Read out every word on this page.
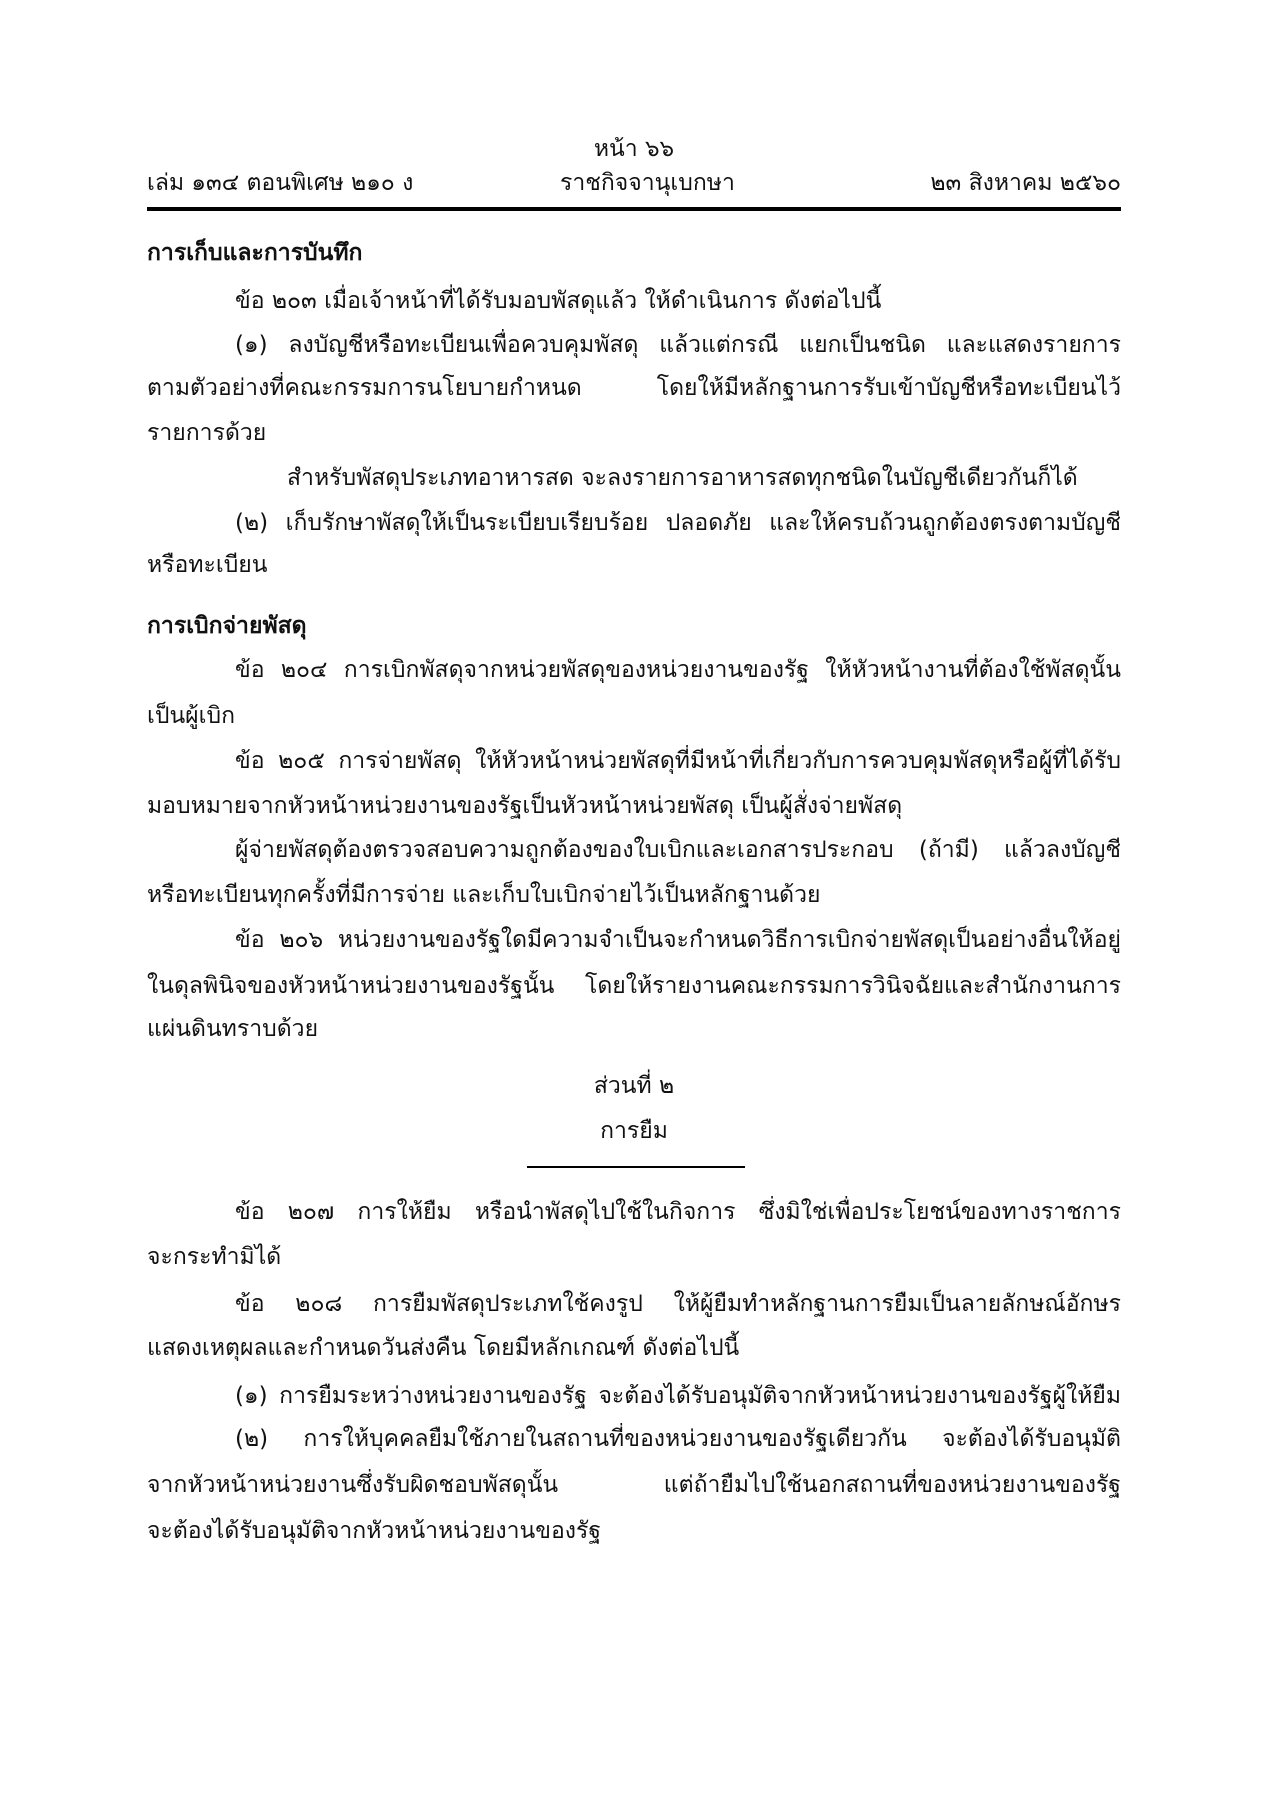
หน้า ๖๖
เล่ม ๑๓๔ ตอนพิเศษ ๒๑๐ ง	ราชกิจจานุเบกษา	๒๓ สิงหาคม ๒๕๖๐
การเก็บและการบันทึก
ข้อ ๒๐๓ เมื่อเจ้าหน้าที่ได้รับมอบพัสดุแล้ว ให้ดำเนินการ ดังต่อไปนี้
(๑) ลงบัญชีหรือทะเบียนเพื่อควบคุมพัสดุ แล้วแต่กรณี แยกเป็นชนิด และแสดงรายการ
ตามตัวอย่างที่คณะกรรมการนโยบายกำหนด โดยให้มีหลักฐานการรับเข้าบัญชีหรือทะเบียนไว้
รายการด้วย
สำหรับพัสดุประเภทอาหารสด จะลงรายการอาหารสดทุกชนิดในบัญชีเดียวกันก็ได้
(๒) เก็บรักษาพัสดุให้เป็นระเบียบเรียบร้อย ปลอดภัย และให้ครบถ้วนถูกต้องตรงตามบัญชี
หรือทะเบียน
การเบิกจ่ายพัสดุ
ข้อ ๒๐๔ การเบิกพัสดุจากหน่วยพัสดุของหน่วยงานของรัฐ ให้หัวหน้างานที่ต้องใช้พัสดุนั้น
เป็นผู้เบิก
ข้อ ๒๐๕ การจ่ายพัสดุ ให้หัวหน้าหน่วยพัสดุที่มีหน้าที่เกี่ยวกับการควบคุมพัสดุหรือผู้ที่ได้รับ
มอบหมายจากหัวหน้าหน่วยงานของรัฐเป็นหัวหน้าหน่วยพัสดุ เป็นผู้สั่งจ่ายพัสดุ
ผู้จ่ายพัสดุต้องตรวจสอบความถูกต้องของใบเบิกและเอกสารประกอบ (ถ้ามี) แล้วลงบัญชี
หรือทะเบียนทุกครั้งที่มีการจ่าย และเก็บใบเบิกจ่ายไว้เป็นหลักฐานด้วย
ข้อ ๒๐๖ หน่วยงานของรัฐใดมีความจำเป็นจะกำหนดวิธีการเบิกจ่ายพัสดุเป็นอย่างอื่นให้อยู่
ในดุลพินิจของหัวหน้าหน่วยงานของรัฐนั้น โดยให้รายงานคณะกรรมการวินิจฉัยและสำนักงานการ
แผ่นดินทราบด้วย
ส่วนที่ ๒
การยืม
ข้อ ๒๐๗ การให้ยืม หรือนำพัสดุไปใช้ในกิจการ ซึ่งมิใช่เพื่อประโยชน์ของทางราชการ
จะกระทำมิได้
ข้อ ๒๐๘ การยืมพัสดุประเภทใช้คงรูป ให้ผู้ยืมทำหลักฐานการยืมเป็นลายลักษณ์อักษร
แสดงเหตุผลและกำหนดวันส่งคืน โดยมีหลักเกณฑ์ ดังต่อไปนี้
(๑) การยืมระหว่างหน่วยงานของรัฐ จะต้องได้รับอนุมัติจากหัวหน้าหน่วยงานของรัฐผู้ให้ยืม
(๒) การให้บุคคลยืมใช้ภายในสถานที่ของหน่วยงานของรัฐเดียวกัน จะต้องได้รับอนุมัติ
จากหัวหน้าหน่วยงานซึ่งรับผิดชอบพัสดุนั้น แต่ถ้ายืมไปใช้นอกสถานที่ของหน่วยงานของรัฐ
จะต้องได้รับอนุมัติจากหัวหน้าหน่วยงานของรัฐ
